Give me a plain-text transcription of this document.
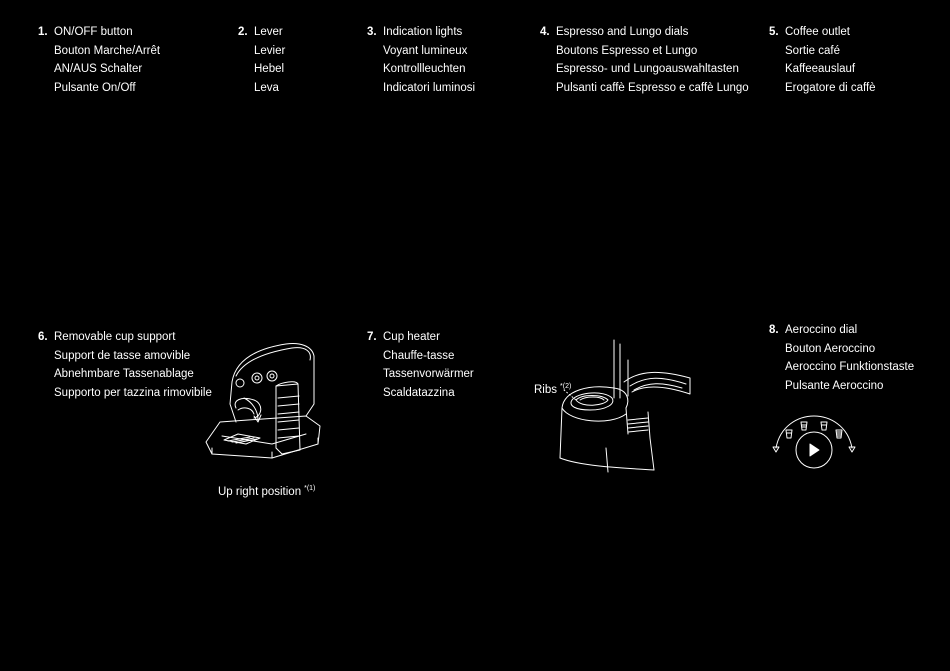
1. ON/OFF button
Bouton Marche/Arrêt
AN/AUS Schalter
Pulsante On/Off
2. Lever
Levier
Hebel
Leva
3. Indication lights
Voyant lumineux
Kontrollleuchten
Indicatori luminosi
4. Espresso and Lungo dials
Boutons Espresso et Lungo
Espresso- und Lungoauswahltasten
Pulsanti caffè Espresso e caffè Lungo
5. Coffee outlet
Sortie café
Kaffeeauslauf
Erogatore di caffè
6. Removable cup support
Support de tasse amovible
Abnehmbare Tassenablage
Supporto per tazzina rimovibile
7. Cup heater
Chauffe-tasse
Tassenvorwärmer
Scaldatazzina
8. Aeroccino dial
Bouton Aeroccino
Aeroccino Funktionstaste
Pulsante Aeroccino
Up right position $^{*(1)}$
Ribs $^{*(2)}$
